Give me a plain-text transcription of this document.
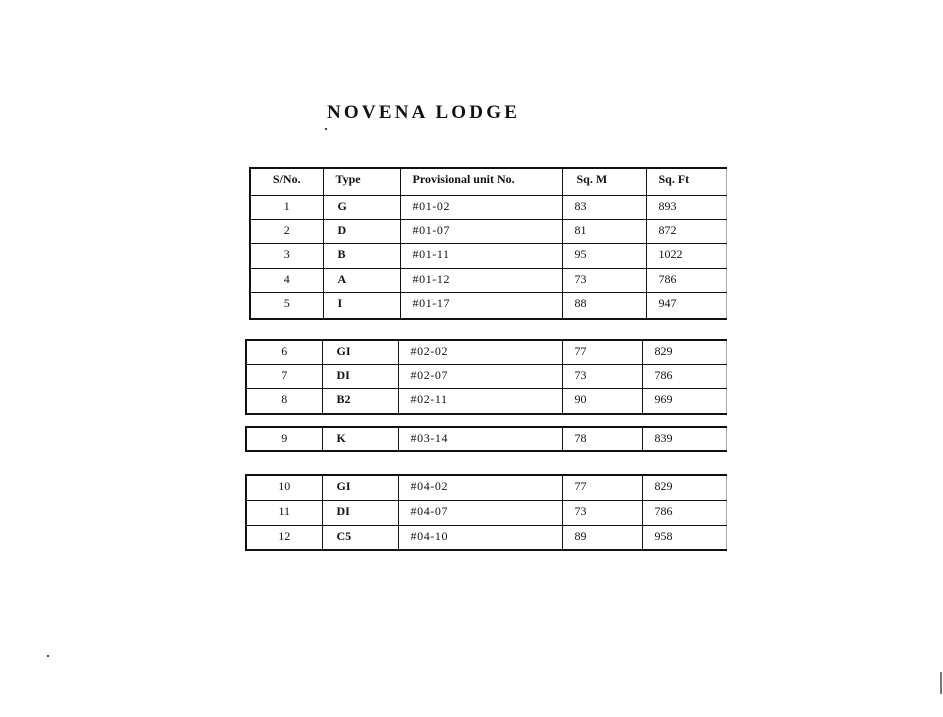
NOVENA LODGE
S/No.	Type	Provisional unit No.	Sq. M	Sq. Ft
1	G	#01-02	83	893
2	D	#01-07	81	872
3	B	#01-11	95	1022
4	A	#01-12	73	786
5	I	#01-17	88	947
6	GI	#02-02	77	829
7	DI	#02-07	73	786
8	B2	#02-11	90	969
9	K	#03-14	78	839
10	GI	#04-02	77	829
11	DI	#04-07	73	786
12	C5	#04-10	89	958
